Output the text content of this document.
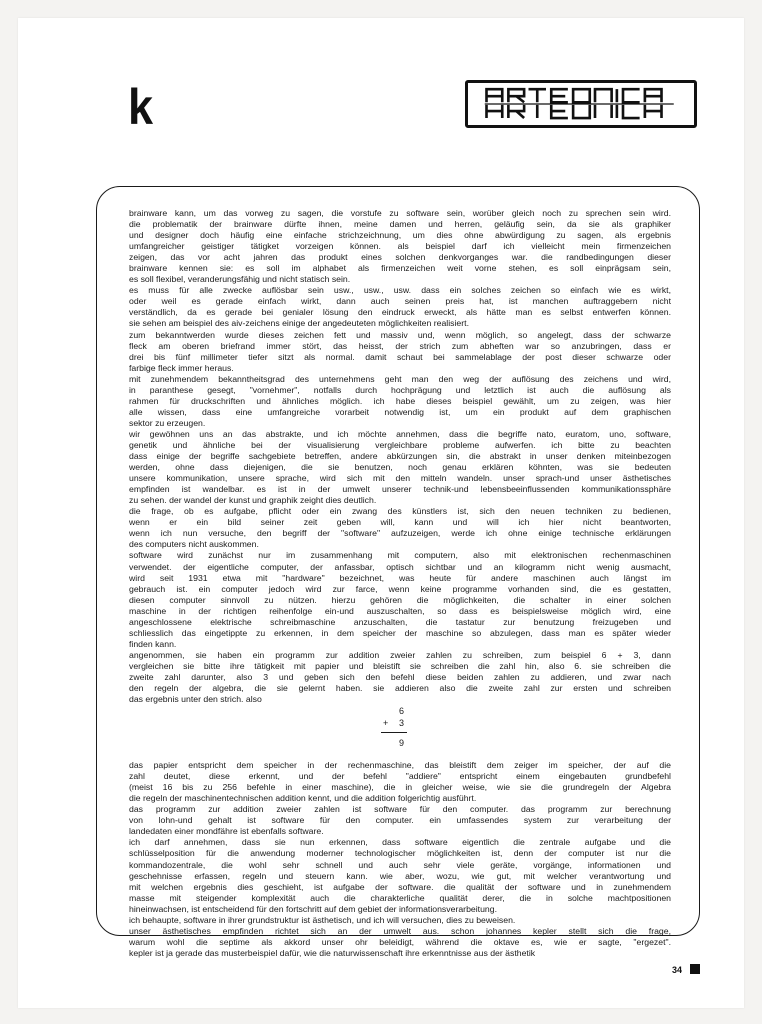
k

brainware kann, um das vorweg zu sagen, die vorstufe zu software sein, worüber gleich noch zu sprechen sein wird.
die problematik der brainware dürfte ihnen, meine damen und herren, geläufig sein, da sie als graphiker
und designer doch häufig eine einfache strichzeichnung, um dies ohne abwürdigung zu sagen, als ergebnis
umfangreicher geistiger tätigket vorzeigen können. als beispiel darf ich vielleicht mein firmenzeichen
zeigen, das vor acht jahren das produkt eines solchen denkvorganges war. die randbedingungen dieser
brainware kennen sie: es soll im alphabet als firmenzeichen weit vorne stehen, es soll einprägsam sein,
es soll flexibel, veranderungsfähig und nicht statisch sein.

es muss für alle zwecke auflösbar sein usw., usw., usw. dass ein solches zeichen so einfach wie es wirkt,
oder weil es gerade einfach wirkt, dann auch seinen preis hat, ist manchen auftraggebern nicht
verständlich, da es gerade bei genialer lösung den eindruck erweckt, als hätte man es selbst entwerfen können.
sie sehen am beispiel des aiv-zeichens einige der angedeuteten möglichkeiten realisiert.

zum bekanntwerden wurde dieses zeichen fett und massiv und, wenn möglich, so angelegt, dass der schwarze
fleck am oberen briefrand immer stört, das heisst, der strich zum abheften war so anzubringen, dass er
drei bis fünf millimeter tiefer sitzt als normal. damit schaut bei sammelablage der post dieser schwarze oder
farbige fleck immer heraus.

mit zunehmendem bekanntheitsgrad des unternehmens geht man den weg der auflösung des zeichens und wird,
in paranthese gesegt, "vornehmer", notfalls durch hochprägung und letztlich ist auch die auflösung als
rahmen für druckschriften und ähnliches möglich. ich habe dieses beispiel gewählt, um zu zeigen, was hier
alle wissen, dass eine umfangreiche vorarbeit notwendig ist, um ein produkt auf dem graphischen
sektor zu erzeugen.

wir gewöhnen uns an das abstrakte, und ich möchte annehmen, dass die begriffe nato, euratom, uno, software,
genetik und ähnliche bei der visualisierung vergleichbare probleme aufwerfen. ich bitte zu beachten
dass einige der begriffe sachgebiete betreffen, andere abkürzungen sin, die abstrakt in unser denken miteinbezogen
werden, ohne dass diejenigen, die sie benutzen, noch genau erklären köhnten, was sie bedeuten
unsere kommunikation, unsere sprache, wird sich mit den mitteln wandeln. unser sprach-und unser ästhetisches
empfinden ist wandelbar. es ist in der umwelt unserer technik-und lebensbeeinflussenden kommunikationssphäre
zu sehen. der wandel der kunst und graphik zeight dies deutlich.

die frage, ob es aufgabe, pflicht oder ein zwang des künstlers ist, sich den neuen techniken zu bedienen,
wenn er ein bild seiner zeit geben will, kann und will ich hier nicht beantworten,
wenn ich nun versuche, den begriff der "software" aufzuzeigen, werde ich ohne einige technische erklärungen
des computers nicht auskommen.

software wird zunächst nur im zusammenhang mit computern, also mit elektronischen rechenmaschinen
verwendet. der eigentliche computer, der anfassbar, optisch sichtbar und an kilogramm nicht wenig ausmacht,
wird seit 1931 etwa mit "hardware" bezeichnet, was heute für andere maschinen auch längst im
gebrauch ist. ein computer jedoch wird zur farce, wenn keine programme vorhanden sind, die es gestatten,
diesen computer sinnvoll zu nützen. hierzu gehören die möglichkeiten, die schalter in einer solchen
maschine in der richtigen reihenfolge ein-und auszuschalten, so dass es beispielsweise möglich wird, eine
angeschlossene elektrische schreibmaschine anzuschalten, die tastatur zur benutzung freizugeben und
schliesslich das eingetippte zu erkennen, in dem speicher der maschine so abzulegen, dass man es später wieder
finden kann.

angenommen, sie haben ein programm zur addition zweier zahlen zu schreiben, zum beispiel 6 + 3, dann
vergleichen sie bitte ihre tätigkeit mit papier und bleistift sie schreiben die zahl hin, also 6. sie schreiben die
zweite zahl darunter, also 3 und geben sich den befehl diese beiden zahlen zu addieren, und zwar nach
den regeln der algebra, die sie gelernt haben. sie addieren also die zweite zahl zur ersten und schreiben
das ergebnis unter den strich. also

6
+ 3
9

das papier entspricht dem speicher in der rechenmaschine, das bleistift dem zeiger im speicher, der auf die
zahl deutet, diese erkennt, und der befehl "addiere" entspricht einem eingebauten grundbefehl
(meist 16 bis zu 256 befehle in einer maschine), die in gleicher weise, wie sie die grundregeln der Algebra
die regeln der maschinentechnischen addition kennt, und die addition folgerichtig ausführt.

das programm zur addition zweier zahlen ist software für den computer. das programm zur berechnung
von lohn-und gehalt ist software für den computer. ein umfassendes system zur verarbeitung der
landedaten einer mondfähre ist ebenfalls software.

ich darf annehmen, dass sie nun erkennen, dass software eigentlich die zentrale aufgabe und die
schlüsselposition für die anwendung moderner technologischer möglichkeiten ist, denn der computer ist nur die
kommandozentrale, die wohl sehr schnell und auch sehr viele geräte, vorgänge, informationen und
geschehnisse erfassen, regeln und steuern kann. wie aber, wozu, wie gut, mit welcher verantwortung und
mit welchen ergebnis dies geschieht, ist aufgabe der software. die qualität der software und in zunehmendem
masse mit steigender komplexität auch die charakterliche qualität derer, die in solche machtpositionen
hineinwachsen, ist entscheidend für den fortschritt auf dem gebiet der informationsverarbeitung.

ich behaupte, software in ihrer grundstruktur ist ästhetisch, und ich will versuchen, dies zu beweisen.

unser ästhetisches empfinden richtet sich an der umwelt aus. schon johannes kepler stellt sich die frage,
warum wohl die septime als akkord unser ohr beleidigt, während die oktave es, wie er sagte, "ergezet".
kepler ist ja gerade das musterbeispiel dafür, wie die naturwissenschaft ihre erkenntnisse aus der ästhetik

34
